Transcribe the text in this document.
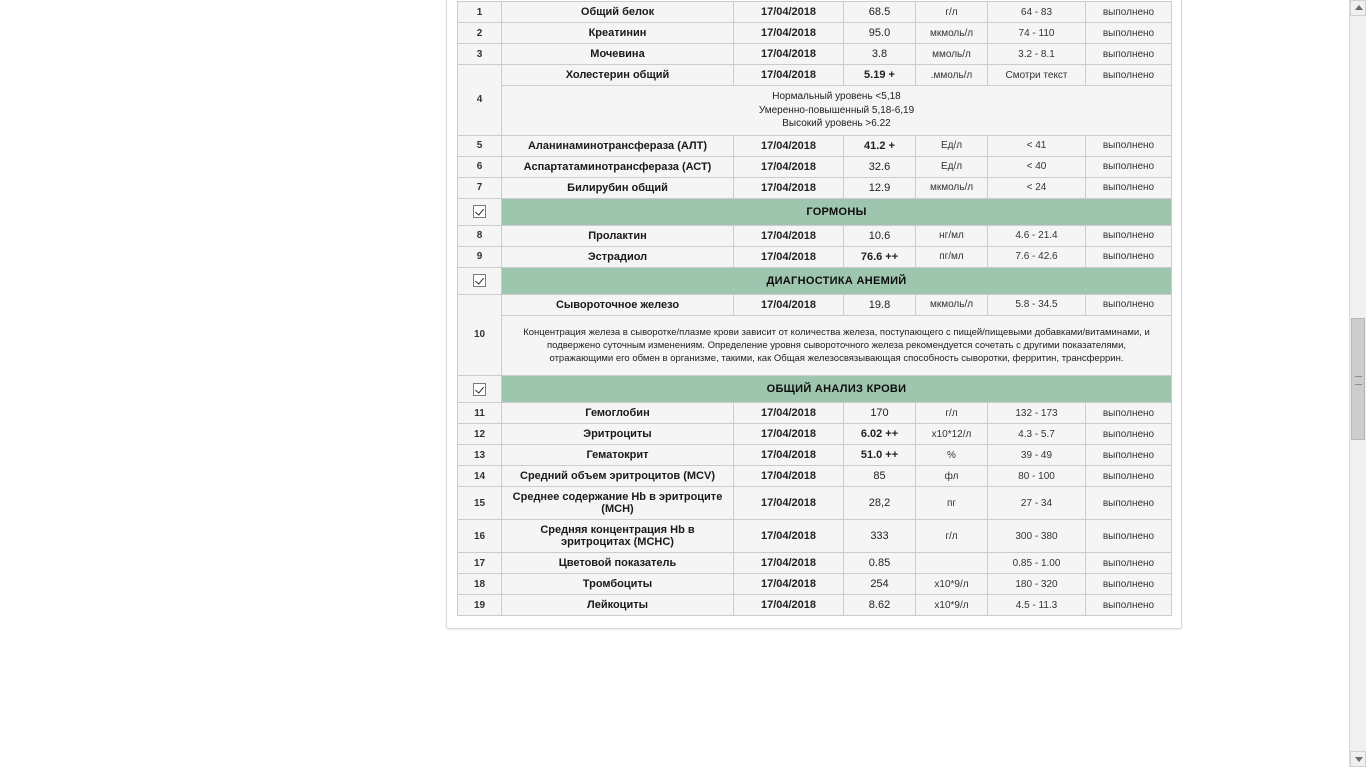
1	Общий белок	17/04/2018	68.5	г/л	64 - 83	выполнено
2	Креатинин	17/04/2018	95.0	мкмоль/л	74 - 110	выполнено
3	Мочевина	17/04/2018	3.8	ммоль/л	3.2 - 8.1	выполнено
4	Холестерин общий	17/04/2018	5.19 +	.ммоль/л	Смотри текст	выполнено
	Нормальный уровень <5,18
Умеренно-повышенный 5,18-6,19
Высокий уровень >6.22					
5	Аланинаминотрансфераза (АЛТ)	17/04/2018	41.2 +	Ед/л	< 41	выполнено
6	Аспартатаминотрансфераза (АСТ)	17/04/2018	32.6	Ед/л	< 40	выполнено
7	Билирубин общий	17/04/2018	12.9	мкмоль/л	< 24	выполнено
	ГОРМОНЫ					
8	Пролактин	17/04/2018	10.6	нг/мл	4.6 - 21.4	выполнено
9	Эстрадиол	17/04/2018	76.6 ++	пг/мл	7.6 - 42.6	выполнено
	ДИАГНОСТИКА АНЕМИЙ					
10	Сывороточное железо	17/04/2018	19.8	мкмоль/л	5.8 - 34.5	выполнено
	Концентрация железа в сыворотке/плазме крови зависит от количества железа, поступающего с пищей/пищевыми добавками/витаминами, и подвержено суточным изменениям. Определение уровня сывороточного железа рекомендуется сочетать с другими показателями, отражающими его обмен в организме, такими, как Общая железосвязывающая способность сыворотки, ферритин, трансферрин.					
	ОБЩИЙ АНАЛИЗ КРОВИ					
11	Гемоглобин	17/04/2018	170	г/л	132 - 173	выполнено
12	Эритроциты	17/04/2018	6.02 ++	x10*12/л	4.3 - 5.7	выполнено
13	Гематокрит	17/04/2018	51.0 ++	%	39 - 49	выполнено
14	Средний объем эритроцитов (MCV)	17/04/2018	85	фл	80 - 100	выполнено
15	Среднее содержание Hb в эритроците (MCH)	17/04/2018	28,2	пг	27 - 34	выполнено
16	Средняя концентрация Hb в эритроцитах (MCHC)	17/04/2018	333	г/л	300 - 380	выполнено
17	Цветовой показатель	17/04/2018	0.85		0.85 - 1.00	выполнено
18	Тромбоциты	17/04/2018	254	x10*9/л	180 - 320	выполнено
19	Лейкоциты	17/04/2018	8.62	x10*9/л	4.5 - 11.3	выполнено
